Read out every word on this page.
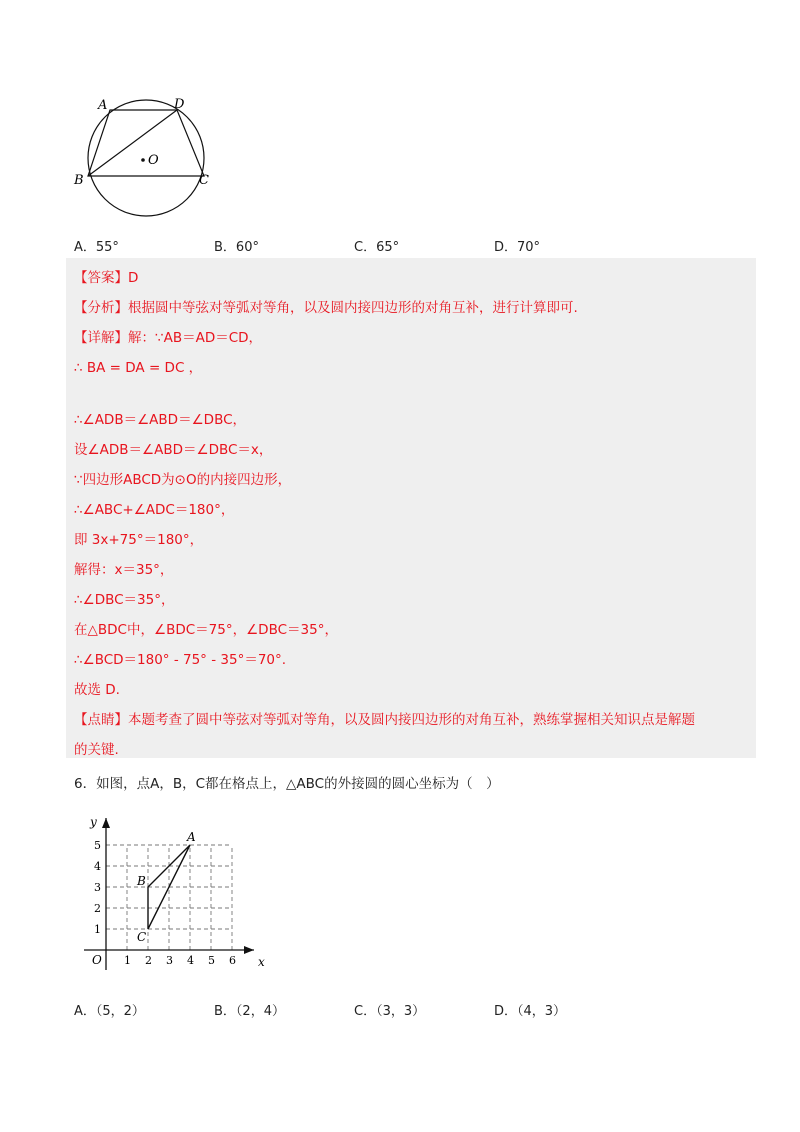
A	D
B	C
O
A．55°	B．60°	C．65°	D．70°
【答案】D
【分析】根据圆中等弦对等弧对等角，以及圆内接四边形的对角互补，进行计算即可.
【详解】解：∵AB＝AD＝CD，
∴ BA = DA = DC ，
∴∠ADB＝∠ABD＝∠DBC，
设∠ADB＝∠ABD＝∠DBC＝x，
∵四边形ABCD为⊙O的内接四边形，
∴∠ABC+∠ADC＝180°，
即 3x+75°＝180°，
解得：x＝35°，
∴∠DBC＝35°，
在△BDC中，∠BDC＝75°，∠DBC＝35°，
∴∠BCD＝180° - 75° - 35°＝70°.
故选 D.
【点睛】本题考查了圆中等弦对等弧对等角，以及圆内接四边形的对角互补，熟练掌握相关知识点是解题
的关键.
6．如图，点A，B，C都在格点上，△ABC的外接圆的圆心坐标为（　）
x
y
O 1 2 3 4 5 6
1
2
3
4
5
A
B
C
A．（5，2）	B．（2，4）	C．（3，3）	D．（4，3）
